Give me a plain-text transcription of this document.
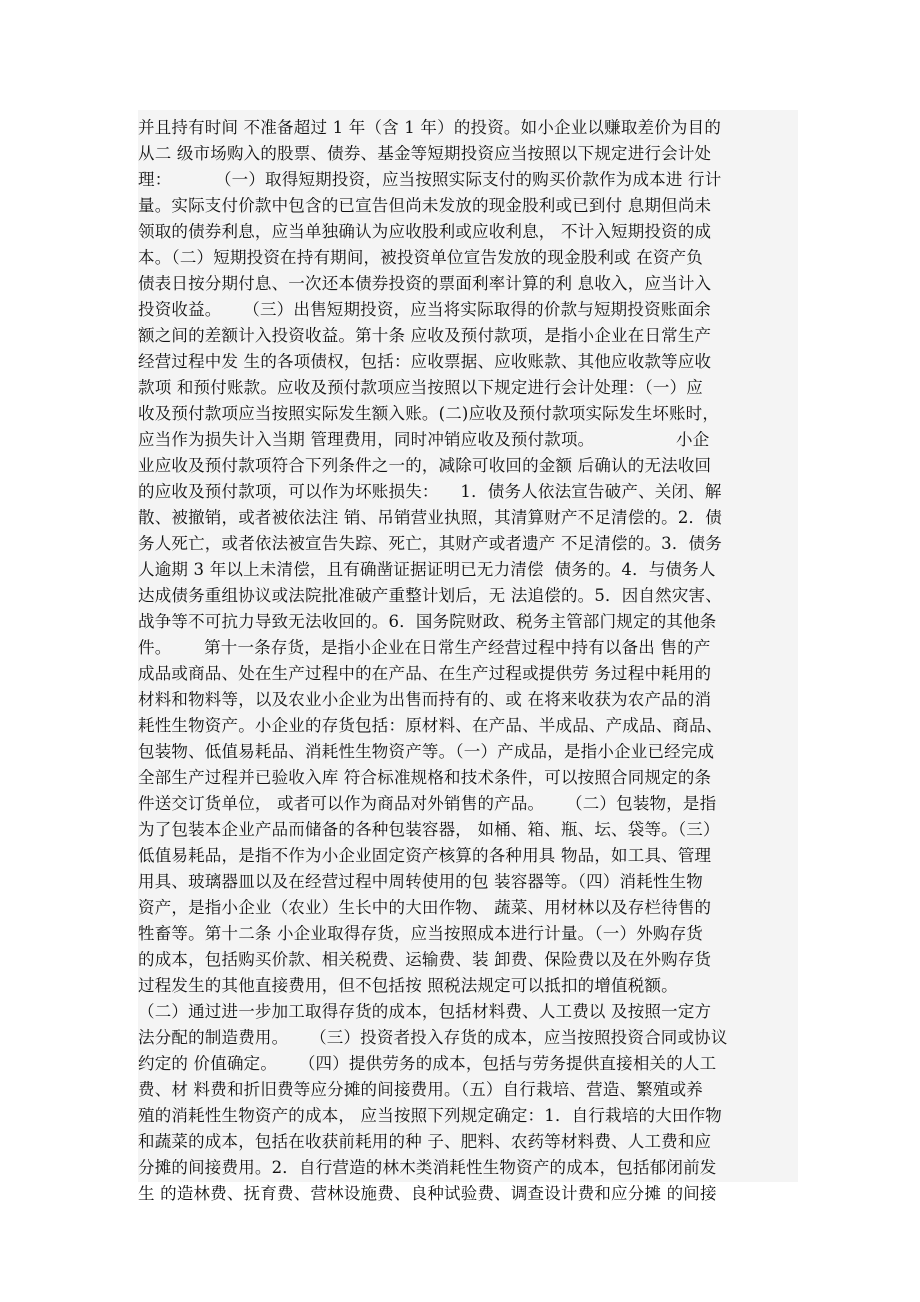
并且持有时间 不准备超过 1 年（含 1 年）的投资。如小企业以赚取差价为目的
从二 级市场购入的股票、债券、基金等短期投资应当按照以下规定进行会计处
理：        （一）取得短期投资，应当按照实际支付的购买价款作为成本进 行计
量。实际支付价款中包含的已宣告但尚未发放的现金股利或已到付 息期但尚未
领取的债券利息，应当单独确认为应收股利或应收利息， 不计入短期投资的成
本。（二）短期投资在持有期间，被投资单位宣告发放的现金股利或 在资产负
债表日按分期付息、一次还本债券投资的票面利率计算的利 息收入，应当计入
投资收益。    （三）出售短期投资，应当将实际取得的价款与短期投资账面余
额之间的差额计入投资收益。第十条 应收及预付款项，是指小企业在日常生产
经营过程中发 生的各项债权，包括：应收票据、应收账款、其他应收款等应收
款项 和预付账款。应收及预付款项应当按照以下规定进行会计处理：（一）应
收及预付款项应当按照实际发生额入账。(二)应收及预付款项实际发生坏账时，
应当作为损失计入当期 管理费用，同时冲销应收及预付款项。               小企
业应收及预付款项符合下列条件之一的，减除可收回的金额 后确认的无法收回
的应收及预付款项，可以作为坏账损失：    1．债务人依法宣告破产、关闭、解
散、被撤销，或者被依法注 销、吊销营业执照，其清算财产不足清偿的。2．债
务人死亡，或者依法被宣告失踪、死亡，其财产或者遗产 不足清偿的。3．债务
人逾期 3 年以上未清偿，且有确凿证据证明已无力清偿  债务的。4．与债务人
达成债务重组协议或法院批准破产重整计划后，无 法追偿的。5．因自然灾害、
战争等不可抗力导致无法收回的。6．国务院财政、税务主管部门规定的其他条
件。      第十一条存货，是指小企业在日常生产经营过程中持有以备出 售的产
成品或商品、处在生产过程中的在产品、在生产过程或提供劳 务过程中耗用的
材料和物料等，以及农业小企业为出售而持有的、或 在将来收获为农产品的消
耗性生物资产。小企业的存货包括：原材料、在产品、半成品、产成品、商品、
包装物、低值易耗品、消耗性生物资产等。（一）产成品，是指小企业已经完成
全部生产过程并已验收入库 符合标准规格和技术条件，可以按照合同规定的条
件送交订货单位， 或者可以作为商品对外销售的产品。    （二）包装物，是指
为了包装本企业产品而储备的各种包装容器， 如桶、箱、瓶、坛、袋等。（三）
低值易耗品，是指不作为小企业固定资产核算的各种用具 物品，如工具、管理
用具、玻璃器皿以及在经营过程中周转使用的包 装容器等。（四）消耗性生物
资产，是指小企业（农业）生长中的大田作物、 蔬菜、用材林以及存栏待售的
牲畜等。第十二条 小企业取得存货，应当按照成本进行计量。（一）外购存货
的成本，包括购买价款、相关税费、运输费、装 卸费、保险费以及在外购存货
过程发生的其他直接费用，但不包括按 照税法规定可以抵扣的增值税额。
（二）通过进一步加工取得存货的成本，包括材料费、人工费以 及按照一定方
法分配的制造费用。    （三）投资者投入存货的成本，应当按照投资合同或协议
约定的 价值确定。    （四）提供劳务的成本，包括与劳务提供直接相关的人工
费、材 料费和折旧费等应分摊的间接费用。（五）自行栽培、营造、繁殖或养
殖的消耗性生物资产的成本， 应当按照下列规定确定：1．自行栽培的大田作物
和蔬菜的成本，包括在收获前耗用的种 子、肥料、农药等材料费、人工费和应
分摊的间接费用。2．自行营造的林木类消耗性生物资产的成本，包括郁闭前发
生 的造林费、抚育费、营林设施费、良种试验费、调查设计费和应分摊 的间接
